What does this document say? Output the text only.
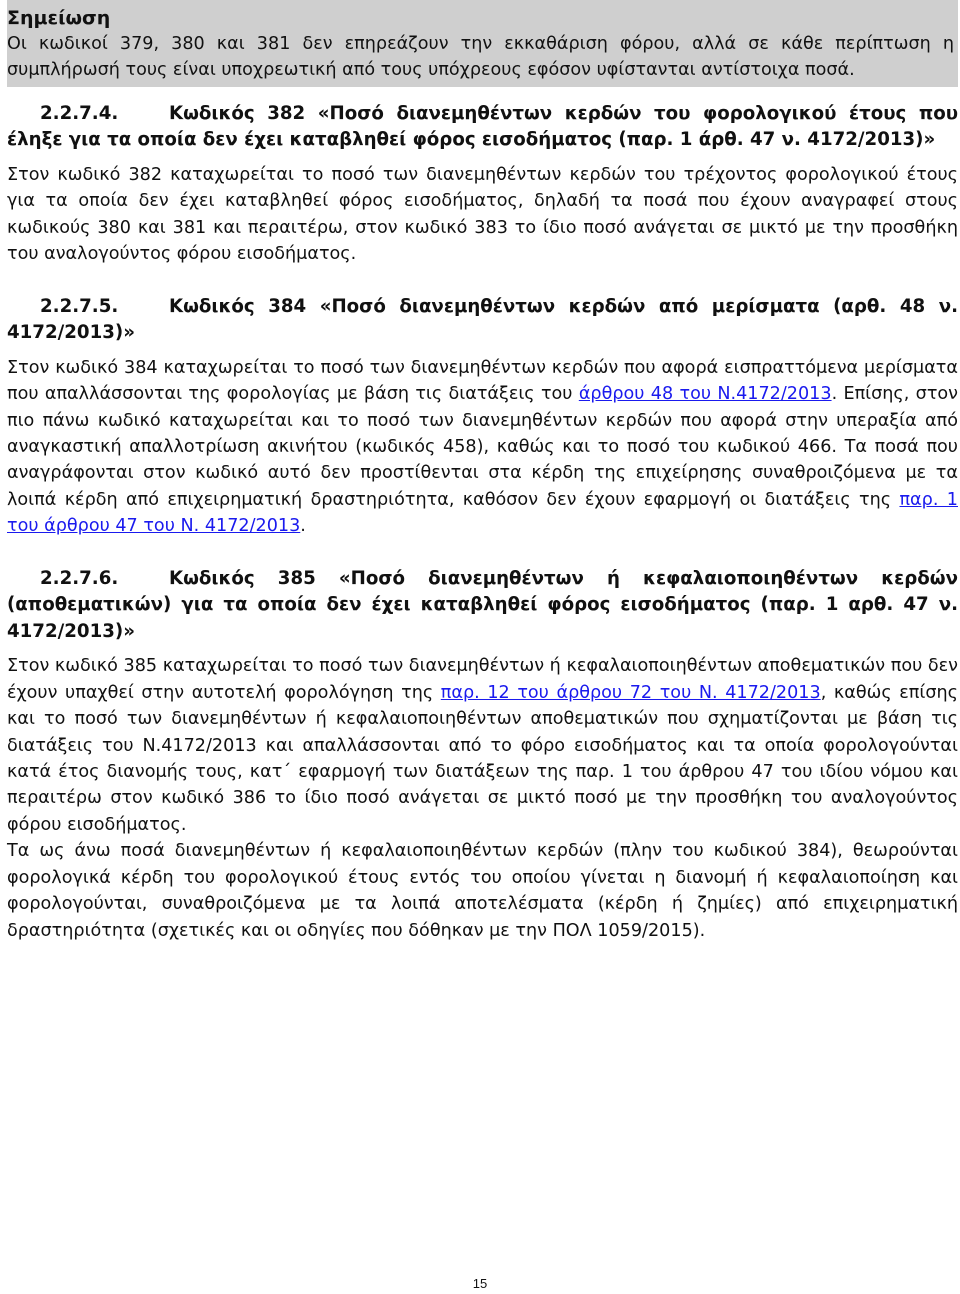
Σημείωση

Οι κωδικοί 379, 380 και 381 δεν επηρεάζουν την εκκαθάριση φόρου, αλλά σε κάθε περίπτωση η συμπλήρωσή τους είναι υποχρεωτική από τους υπόχρεους εφόσον υφίστανται αντίστοιχα ποσά.

2.2.7.4.	Κωδικός 382 «Ποσό διανεμηθέντων κερδών του φορολογικού έτους που έληξε για τα οποία δεν έχει καταβληθεί φόρος εισοδήματος (παρ. 1 άρθ. 47 ν. 4172/2013)»

Στον κωδικό 382 καταχωρείται το ποσό των διανεμηθέντων κερδών του τρέχοντος φορολογικού έτους για τα οποία δεν έχει καταβληθεί φόρος εισοδήματος, δηλαδή τα ποσά που έχουν αναγραφεί στους κωδικούς 380 και 381 και περαιτέρω, στον κωδικό 383 το ίδιο ποσό ανάγεται σε μικτό με την προσθήκη του αναλογούντος φόρου εισοδήματος.

2.2.7.5.	Κωδικός 384 «Ποσό διανεμηθέντων κερδών από μερίσματα (αρθ. 48 ν. 4172/2013)»

Στον κωδικό 384 καταχωρείται το ποσό των διανεμηθέντων κερδών που αφορά εισπραττόμενα μερίσματα που απαλλάσσονται της φορολογίας με βάση τις διατάξεις του άρθρου 48 του Ν.4172/2013. Επίσης, στον πιο πάνω κωδικό καταχωρείται και το ποσό των διανεμηθέντων κερδών που αφορά στην υπεραξία από αναγκαστική απαλλοτρίωση ακινήτου (κωδικός 458), καθώς και το ποσό του κωδικού 466. Τα ποσά που αναγράφονται στον κωδικό αυτό δεν προστίθενται στα κέρδη της επιχείρησης συναθροιζόμενα με τα λοιπά κέρδη από επιχειρηματική δραστηριότητα, καθόσον δεν έχουν εφαρμογή οι διατάξεις της παρ. 1 του άρθρου 47 του Ν. 4172/2013.

2.2.7.6.	Κωδικός 385 «Ποσό διανεμηθέντων ή κεφαλαιοποιηθέντων κερδών (αποθεματικών) για τα οποία δεν έχει καταβληθεί φόρος εισοδήματος (παρ. 1 αρθ. 47 ν. 4172/2013)»

Στον κωδικό 385 καταχωρείται το ποσό των διανεμηθέντων ή κεφαλαιοποιηθέντων αποθεματικών που δεν έχουν υπαχθεί στην αυτοτελή φορολόγηση της παρ. 12 του άρθρου 72 του Ν. 4172/2013, καθώς επίσης και το ποσό των διανεμηθέντων ή κεφαλαιοποιηθέντων αποθεματικών που σχηματίζονται με βάση τις διατάξεις του Ν.4172/2013 και απαλλάσσονται από το φόρο εισοδήματος και τα οποία φορολογούνται κατά έτος διανομής τους, κατ΄ εφαρμογή των διατάξεων της παρ. 1 του άρθρου 47 του ιδίου νόμου και περαιτέρω στον κωδικό 386 το ίδιο ποσό ανάγεται σε μικτό ποσό με την προσθήκη του αναλογούντος φόρου εισοδήματος.

Τα ως άνω ποσά διανεμηθέντων ή κεφαλαιοποιηθέντων κερδών (πλην του κωδικού 384), θεωρούνται φορολογικά κέρδη του φορολογικού έτους εντός του οποίου γίνεται η διανομή ή κεφαλαιοποίηση και φορολογούνται, συναθροιζόμενα με τα λοιπά αποτελέσματα (κέρδη ή ζημίες) από επιχειρηματική δραστηριότητα (σχετικές και οι οδηγίες που δόθηκαν με την ΠΟΛ 1059/2015).

15
